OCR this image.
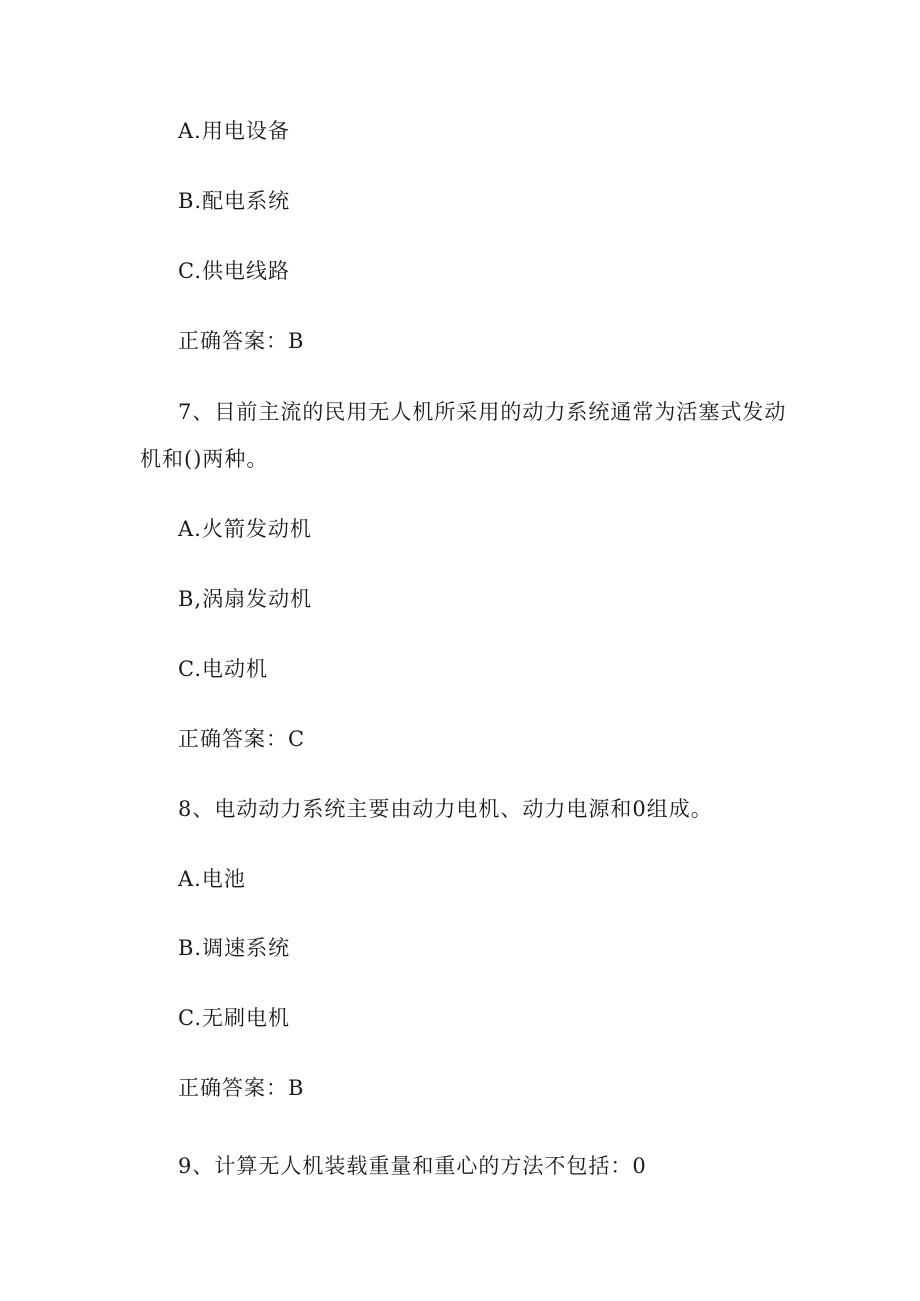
A.用电设备
B.配电系统
C.供电线路
正确答案：B
7、目前主流的民用无人机所采用的动力系统通常为活塞式发动
机和()两种。
A.火箭发动机
B,涡扇发动机
C.电动机
正确答案：C
8、电动动力系统主要由动力电机、动力电源和0组成。
A.电池
B.调速系统
C.无刷电机
正确答案：B
9、计算无人机装载重量和重心的方法不包括：0
